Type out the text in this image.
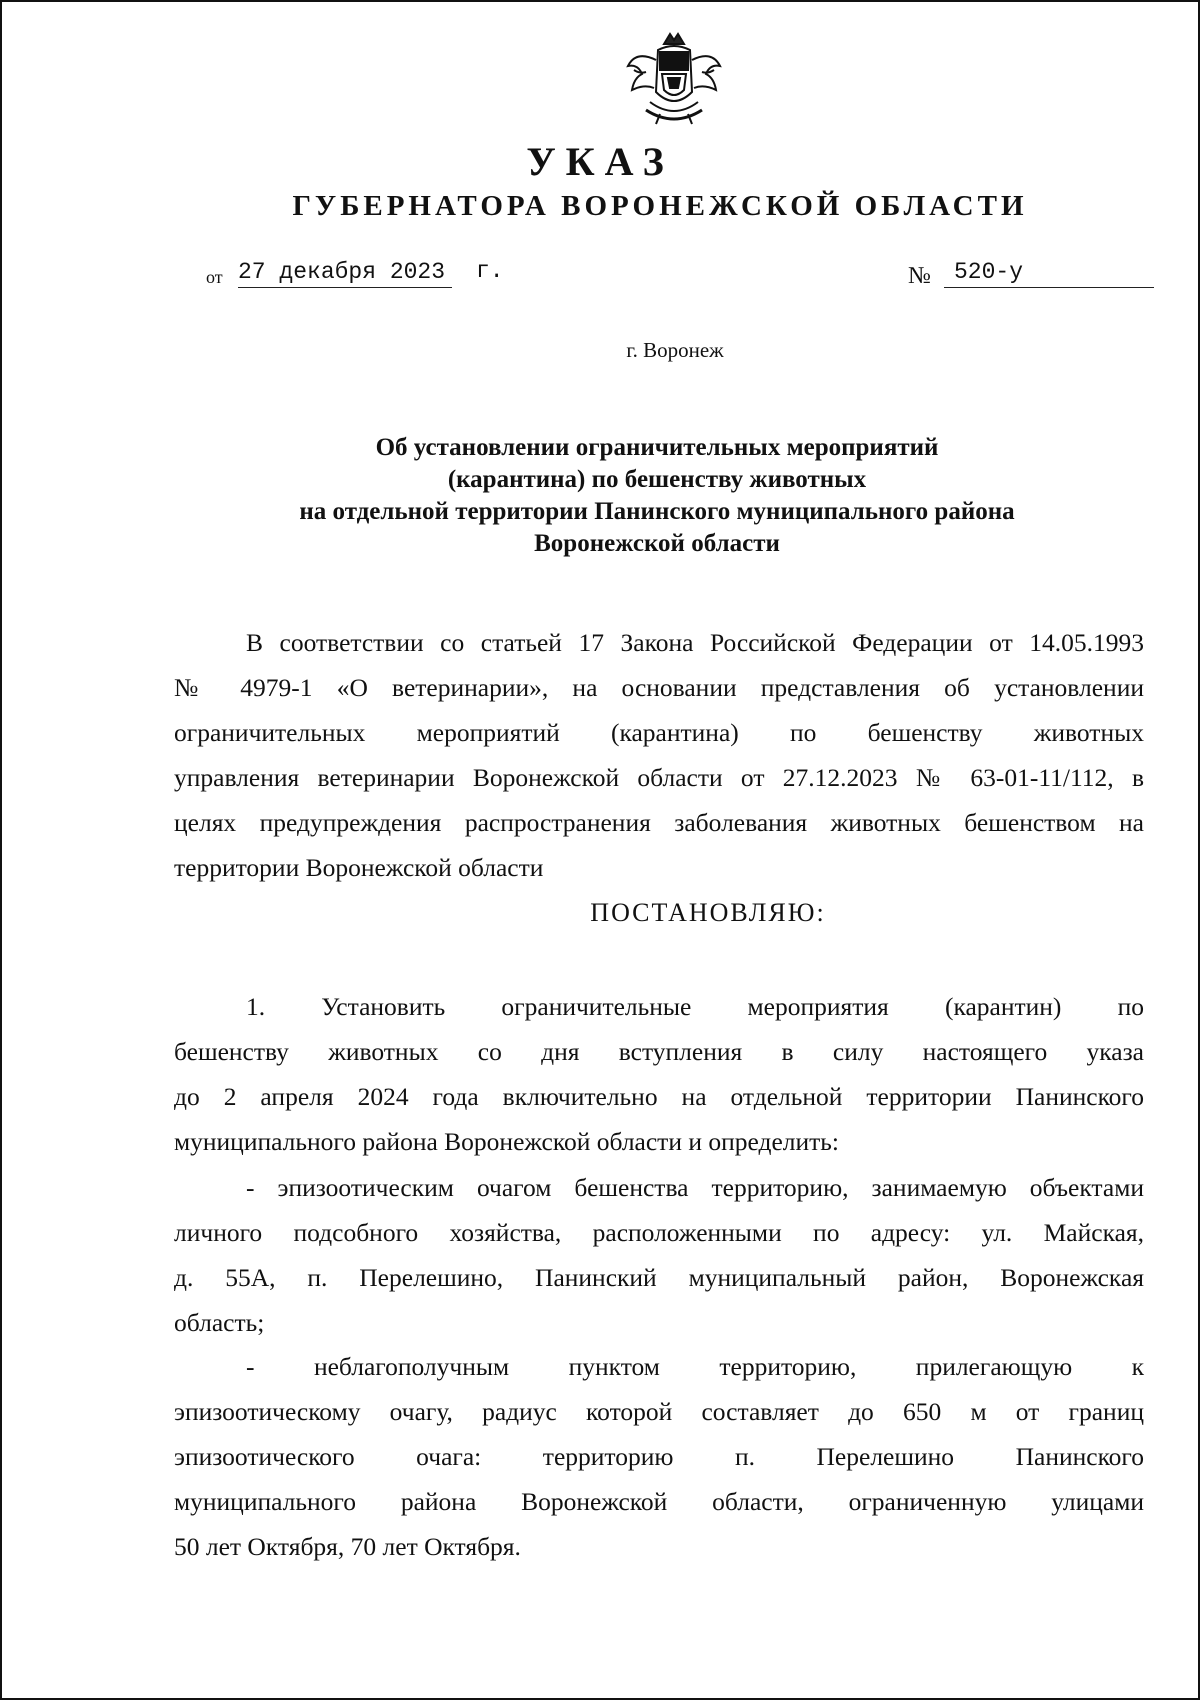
УКАЗ
ГУБЕРНАТОРА ВОРОНЕЖСКОЙ ОБЛАСТИ
от 27 декабря 2023	г.	№	520-у

г. Воронеж

Об установлении ограничительных мероприятий
(карантина) по бешенству животных
на отдельной территории Панинского муниципального района
Воронежской области

В соответствии со статьей 17 Закона Российской Федерации от 14.05.1993
№ 4979-1 «О ветеринарии», на основании представления об установлении
ограничительных мероприятий (карантина) по бешенству животных
управления ветеринарии Воронежской области от 27.12.2023 № 63-01-11/112, в
целях предупреждения распространения заболевания животных бешенством на
территории Воронежской области

ПОСТАНОВЛЯЮ:

1. Установить ограничительные мероприятия (карантин) по
бешенству животных со дня вступления в силу настоящего указа
до 2 апреля 2024 года включительно на отдельной территории Панинского
муниципального района Воронежской области и определить:

- эпизоотическим очагом бешенства территорию, занимаемую объектами
личного подсобного хозяйства, расположенными по адресу: ул. Майская,
д. 55А, п. Перелешино, Панинский муниципальный район, Воронежская
область;

- неблагополучным пунктом территорию, прилегающую к
эпизоотическому очагу, радиус которой составляет до 650 м от границ
эпизоотического очага: территорию п. Перелешино Панинского
муниципального района Воронежской области, ограниченную улицами
50 лет Октября, 70 лет Октября.
